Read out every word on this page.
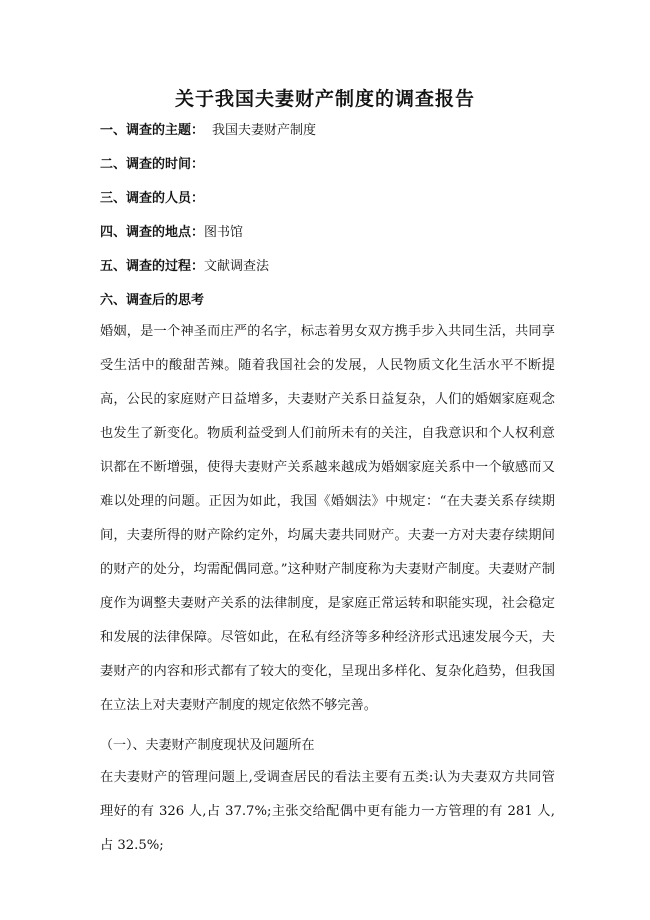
关于我国夫妻财产制度的调查报告
一、调查的主题： 我国夫妻财产制度
二、调查的时间：
三、调查的人员：
四、调查的地点：图书馆
五、调查的过程：文献调查法
六、调查后的思考

婚姻，是一个神圣而庄严的名字，标志着男女双方携手步入共同生活，共同享受生活中的酸甜苦辣。随着我国社会的发展，人民物质文化生活水平不断提高，公民的家庭财产日益增多，夫妻财产关系日益复杂，人们的婚姻家庭观念也发生了新变化。物质利益受到人们前所未有的关注，自我意识和个人权利意识都在不断增强，使得夫妻财产关系越来越成为婚姻家庭关系中一个敏感而又难以处理的问题。正因为如此，我国《婚姻法》中规定：“在夫妻关系存续期间，夫妻所得的财产除约定外，均属夫妻共同财产。夫妻一方对夫妻存续期间的财产的处分，均需配偶同意。”这种财产制度称为夫妻财产制度。夫妻财产制度作为调整夫妻财产关系的法律制度，是家庭正常运转和职能实现，社会稳定和发展的法律保障。尽管如此，在私有经济等多种经济形式迅速发展今天，夫妻财产的内容和形式都有了较大的变化，呈现出多样化、复杂化趋势，但我国在立法上对夫妻财产制度的规定依然不够完善。

（一）、夫妻财产制度现状及问题所在

在夫妻财产的管理问题上,受调查居民的看法主要有五类:认为夫妻双方共同管理好的有 326 人,占 37.7%;主张交给配偶中更有能力一方管理的有 281 人,占 32.5%;
